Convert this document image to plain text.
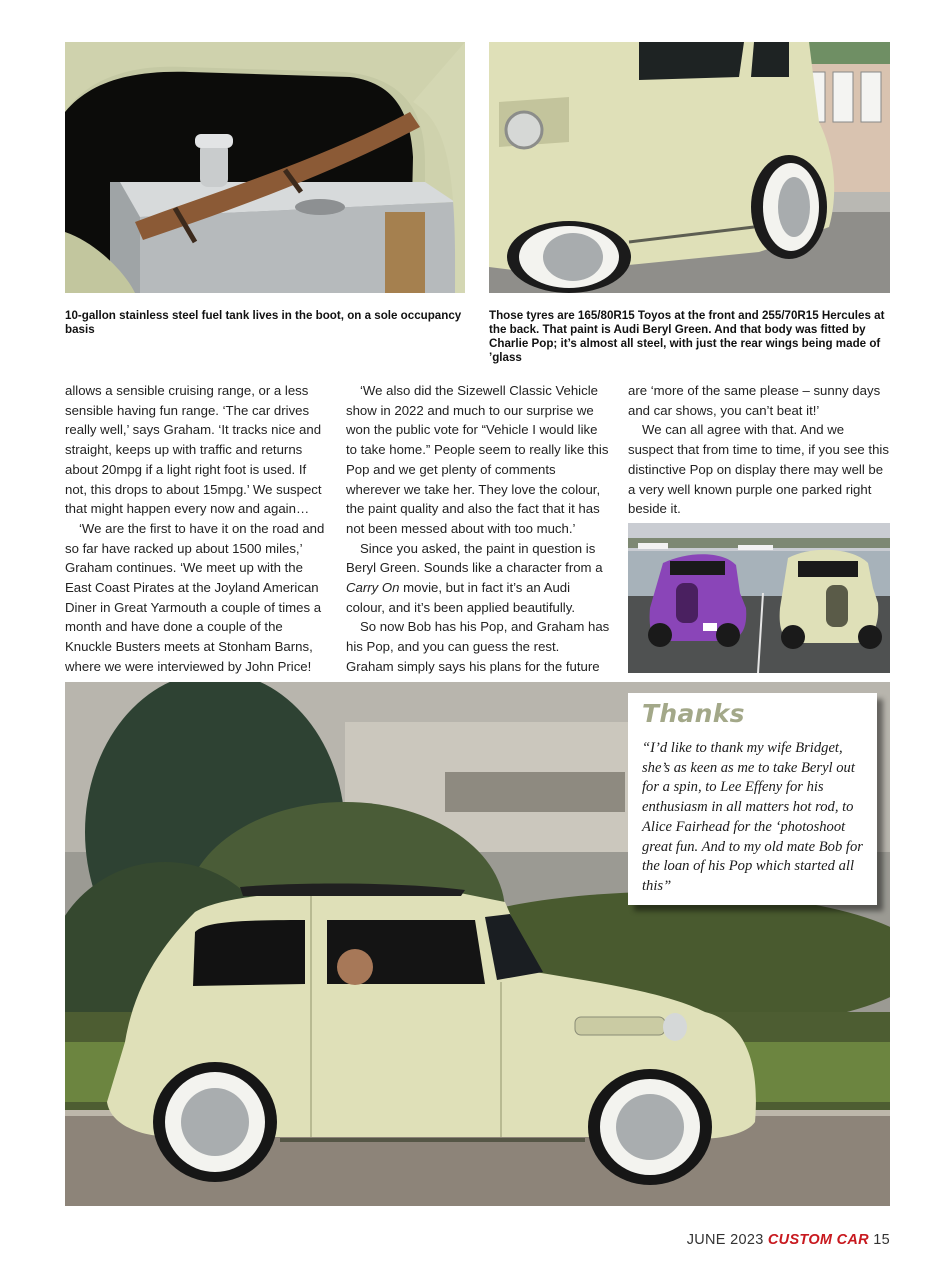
10-gallon stainless steel fuel tank lives in the boot, on a sole occupancy basis
Those tyres are 165/80R15 Toyos at the front and 255/70R15 Hercules at the back. That paint is Audi Beryl Green. And that body was fitted by Charlie Pop; it’s almost all steel, with just the rear wings being made of ’glass

allows a sensible cruising range, or a less sensible having fun range. ‘The car drives really well,’ says Graham. ‘It tracks nice and straight, keeps up with traffic and returns about 20mpg if a light right foot is used. If not, this drops to about 15mpg.’ We suspect that might happen every now and again…

‘We are the first to have it on the road and so far have racked up about 1500 miles,’ Graham continues. ‘We meet up with the East Coast Pirates at the Joyland American Diner in Great Yarmouth a couple of times a month and have done a couple of the Knuckle Busters meets at Stonham Barns, where we were interviewed by John Price!

‘We also did the Sizewell Classic Vehicle show in 2022 and much to our surprise we won the public vote for “Vehicle I would like to take home.” People seem to really like this Pop and we get plenty of comments wherever we take her. They love the colour, the paint quality and also the fact that it has not been messed about with too much.’

Since you asked, the paint in question is Beryl Green. Sounds like a character from a Carry On movie, but in fact it’s an Audi colour, and it’s been applied beautifully.

So now Bob has his Pop, and Graham has his Pop, and you can guess the rest. Graham simply says his plans for the future

are ‘more of the same please – sunny days and car shows, you can’t beat it!’

We can all agree with that. And we suspect that from time to time, if you see this distinctive Pop on display there may well be a very well known purple one parked right beside it.

Thanks
“I’d like to thank my wife Bridget, she’s as keen as me to take Beryl out for a spin, to Lee Effeny for his enthusiasm in all matters hot rod, to Alice Fairhead for the ‘photoshoot great fun. And to my old mate Bob for the loan of his Pop which started all this”
JUNE 2023 CUSTOM CAR 15
